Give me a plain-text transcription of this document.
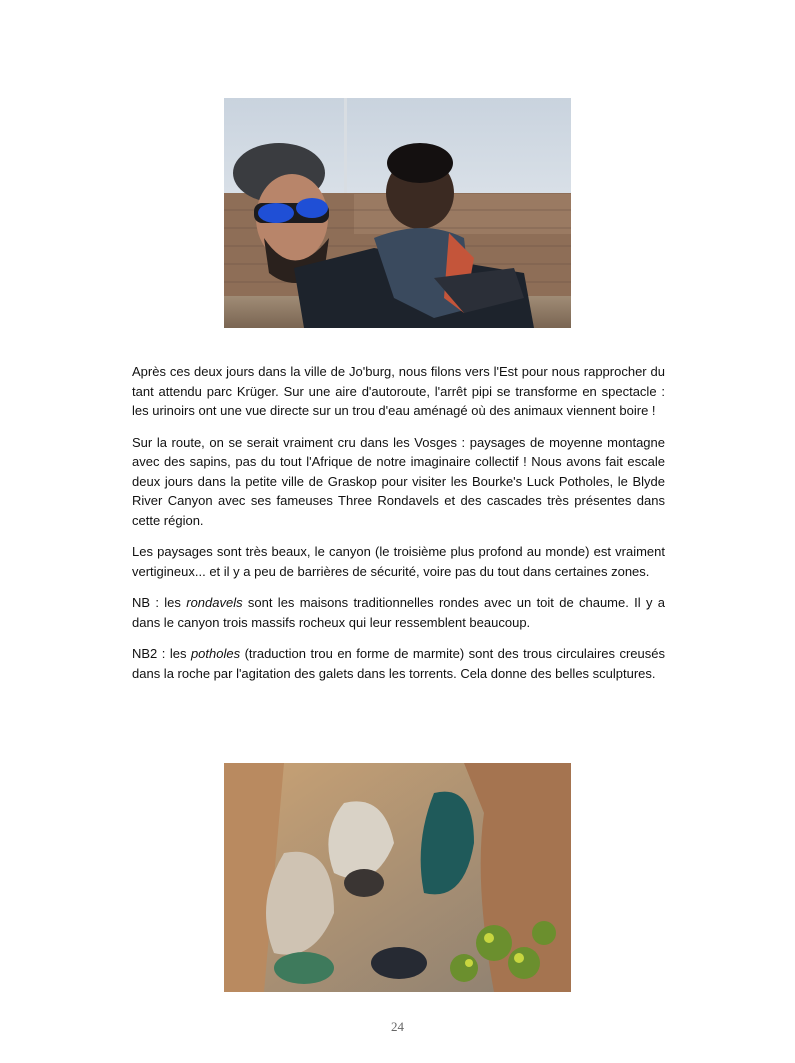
Après ces deux jours dans la ville de Jo'burg, nous filons vers l'Est pour nous rapprocher du tant attendu parc Krüger. Sur une aire d'autoroute, l'arrêt pipi se transforme en spectacle : les urinoirs ont une vue directe sur un trou d'eau aménagé où des animaux viennent boire !

Sur la route, on se serait vraiment cru dans les Vosges : paysages de moyenne montagne avec des sapins, pas du tout l'Afrique de notre imaginaire collectif ! Nous avons fait escale deux jours dans la petite ville de Graskop pour visiter les Bourke's Luck Potholes, le Blyde River Canyon avec ses fameuses Three Rondavels et des cascades très présentes dans cette région.

Les paysages sont très beaux, le canyon (le troisième plus profond au monde) est vraiment vertigineux... et il y a peu de barrières de sécurité, voire pas du tout dans certaines zones.

NB : les rondavels sont les maisons traditionnelles rondes avec un toit de chaume. Il y a dans le canyon trois massifs rocheux qui leur ressemblent beaucoup.

NB2 : les potholes (traduction trou en forme de marmite) sont des trous circulaires creusés dans la roche par l'agitation des galets dans les torrents. Cela donne des belles sculptures.

24
